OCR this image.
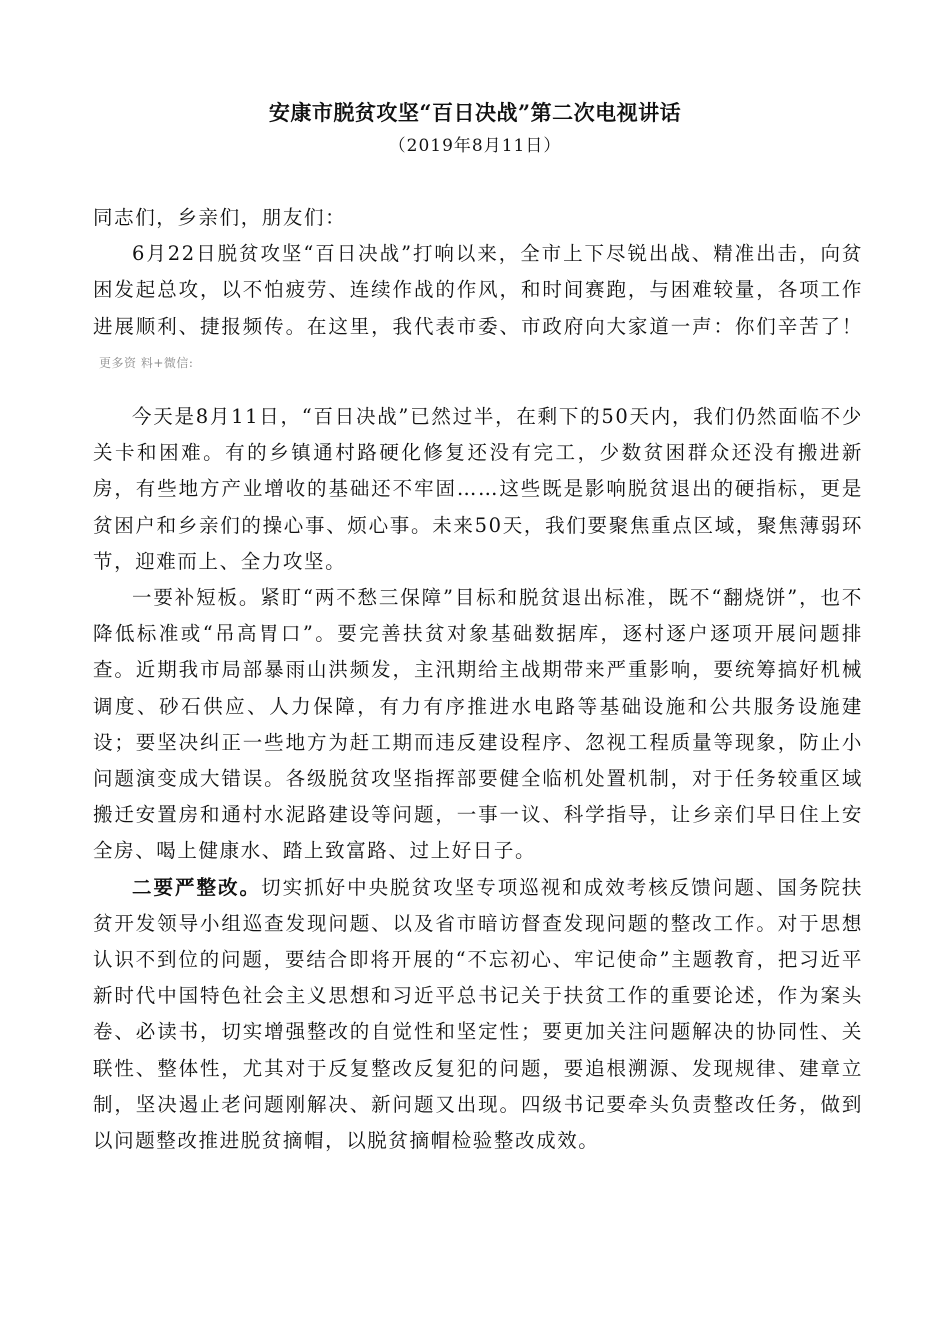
安康市脱贫攻坚“百日决战”第二次电视讲话
（2019年8月11日）

同志们，乡亲们，朋友们：

6月22日脱贫攻坚“百日决战”打响以来，全市上下尽锐出战、精准出击，向贫困发起总攻，以不怕疲劳、连续作战的作风，和时间赛跑，与困难较量，各项工作进展顺利、捷报频传。在这里，我代表市委、市政府向大家道一声：你们辛苦了！更多资 料+微信:

今天是8月11日，“百日决战”已然过半，在剩下的50天内，我们仍然面临不少关卡和困难。有的乡镇通村路硬化修复还没有完工，少数贫困群众还没有搬进新房，有些地方产业增收的基础还不牢固……这些既是影响脱贫退出的硬指标，更是贫困户和乡亲们的操心事、烦心事。未来50天，我们要聚焦重点区域，聚焦薄弱环节，迎难而上、全力攻坚。

一要补短板。紧盯“两不愁三保障”目标和脱贫退出标准，既不“翻烧饼”，也不降低标准或“吊高胃口”。要完善扶贫对象基础数据库，逐村逐户逐项开展问题排查。近期我市局部暴雨山洪频发，主汛期给主战期带来严重影响，要统筹搞好机械调度、砂石供应、人力保障，有力有序推进水电路等基础设施和公共服务设施建设；要坚决纠正一些地方为赶工期而违反建设程序、忽视工程质量等现象，防止小问题演变成大错误。各级脱贫攻坚指挥部要健全临机处置机制，对于任务较重区域搬迁安置房和通村水泥路建设等问题，一事一议、科学指导，让乡亲们早日住上安全房、喝上健康水、踏上致富路、过上好日子。

二要严整改。切实抓好中央脱贫攻坚专项巡视和成效考核反馈问题、国务院扶贫开发领导小组巡查发现问题、以及省市暗访督查发现问题的整改工作。对于思想认识不到位的问题，要结合即将开展的“不忘初心、牢记使命”主题教育，把习近平新时代中国特色社会主义思想和习近平总书记关于扶贫工作的重要论述，作为案头卷、必读书，切实增强整改的自觉性和坚定性；要更加关注问题解决的协同性、关联性、整体性，尤其对于反复整改反复犯的问题，要追根溯源、发现规律、建章立制，坚决遏止老问题刚解决、新问题又出现。四级书记要牵头负责整改任务，做到以问题整改推进脱贫摘帽，以脱贫摘帽检验整改成效。
